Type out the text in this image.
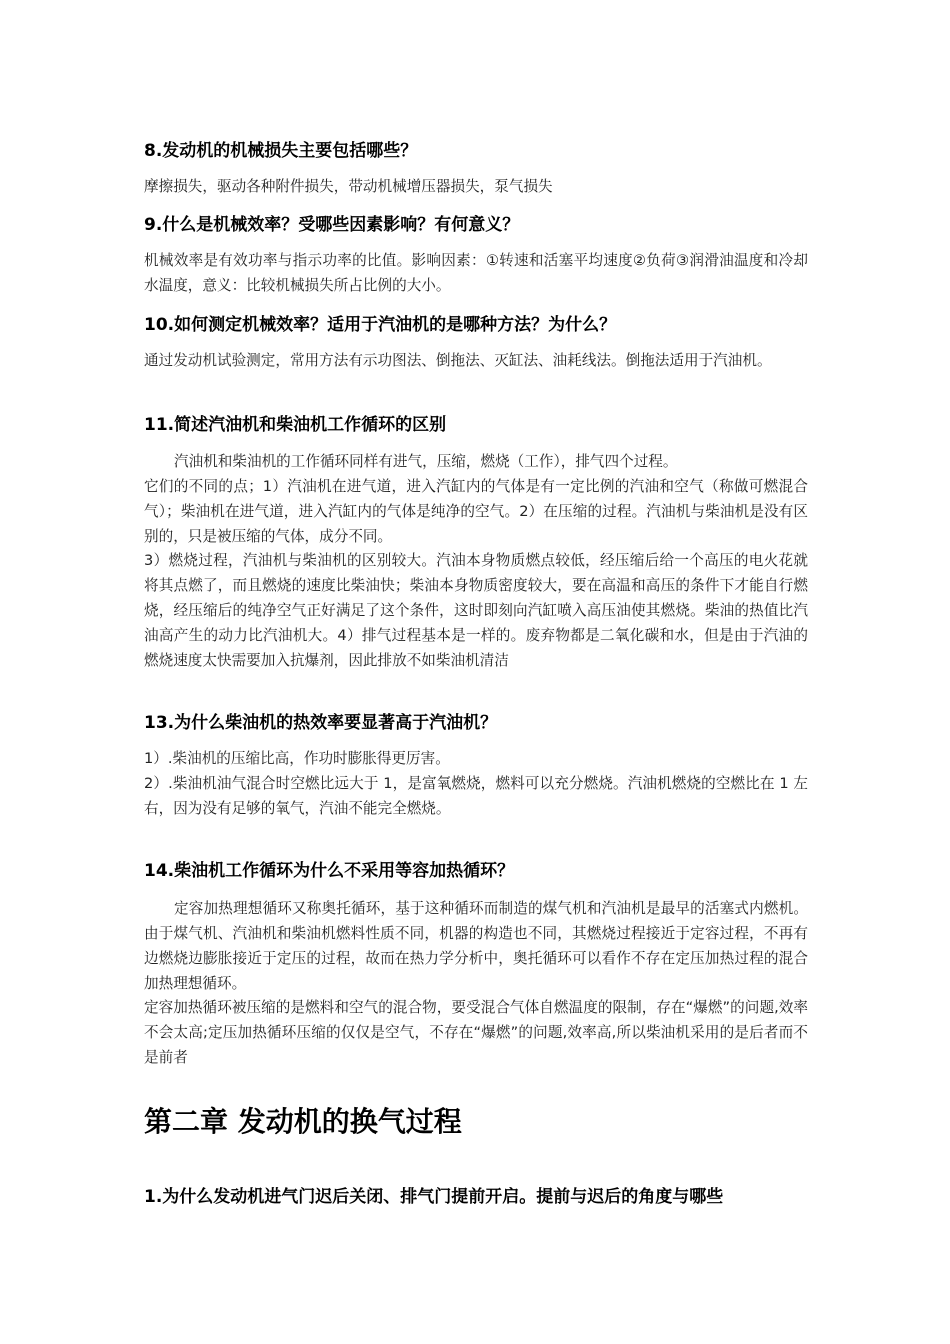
8.发动机的机械损失主要包括哪些？

摩擦损失，驱动各种附件损失，带动机械增压器损失，泵气损失

9.什么是机械效率？受哪些因素影响？有何意义？

机械效率是有效功率与指示功率的比值。影响因素：①转速和活塞平均速度②负荷③润滑油温度和冷却水温度，意义：比较机械损失所占比例的大小。

10.如何测定机械效率？适用于汽油机的是哪种方法？为什么？

通过发动机试验测定，常用方法有示功图法、倒拖法、灭缸法、油耗线法。倒拖法适用于汽油机。

11.简述汽油机和柴油机工作循环的区别

汽油机和柴油机的工作循环同样有进气，压缩，燃烧（工作），排气四个过程。

它们的不同的点；1）汽油机在进气道，进入汽缸内的气体是有一定比例的汽油和空气（称做可燃混合气）；柴油机在进气道，进入汽缸内的气体是纯净的空气。2）在压缩的过程。汽油机与柴油机是没有区别的，只是被压缩的气体，成分不同。

3）燃烧过程，汽油机与柴油机的区别较大。汽油本身物质燃点较低，经压缩后给一个高压的电火花就将其点燃了，而且燃烧的速度比柴油快；柴油本身物质密度较大，要在高温和高压的条件下才能自行燃烧，经压缩后的纯净空气正好满足了这个条件，这时即刻向汽缸喷入高压油使其燃烧。柴油的热值比汽油高产生的动力比汽油机大。4）排气过程基本是一样的。废弃物都是二氧化碳和水，但是由于汽油的燃烧速度太快需要加入抗爆剂，因此排放不如柴油机清洁

13.为什么柴油机的热效率要显著高于汽油机？

1）.柴油机的压缩比高，作功时膨胀得更厉害。

2）.柴油机油气混合时空燃比远大于 1，是富氧燃烧，燃料可以充分燃烧。汽油机燃烧的空燃比在 1 左右，因为没有足够的氧气，汽油不能完全燃烧。

14.柴油机工作循环为什么不采用等容加热循环？

定容加热理想循环又称奥托循环，基于这种循环而制造的煤气机和汽油机是最早的活塞式内燃机。由于煤气机、汽油机和柴油机燃料性质不同，机器的构造也不同，其燃烧过程接近于定容过程，不再有边燃烧边膨胀接近于定压的过程，故而在热力学分析中，奥托循环可以看作不存在定压加热过程的混合加热理想循环。

定容加热循环被压缩的是燃料和空气的混合物，要受混合气体自燃温度的限制，存在“爆燃”的问题,效率不会太高;定压加热循环压缩的仅仅是空气，不存在“爆燃”的问题,效率高,所以柴油机采用的是后者而不是前者

第二章 发动机的换气过程
1.为什么发动机进气门迟后关闭、排气门提前开启。提前与迟后的角度与哪些
